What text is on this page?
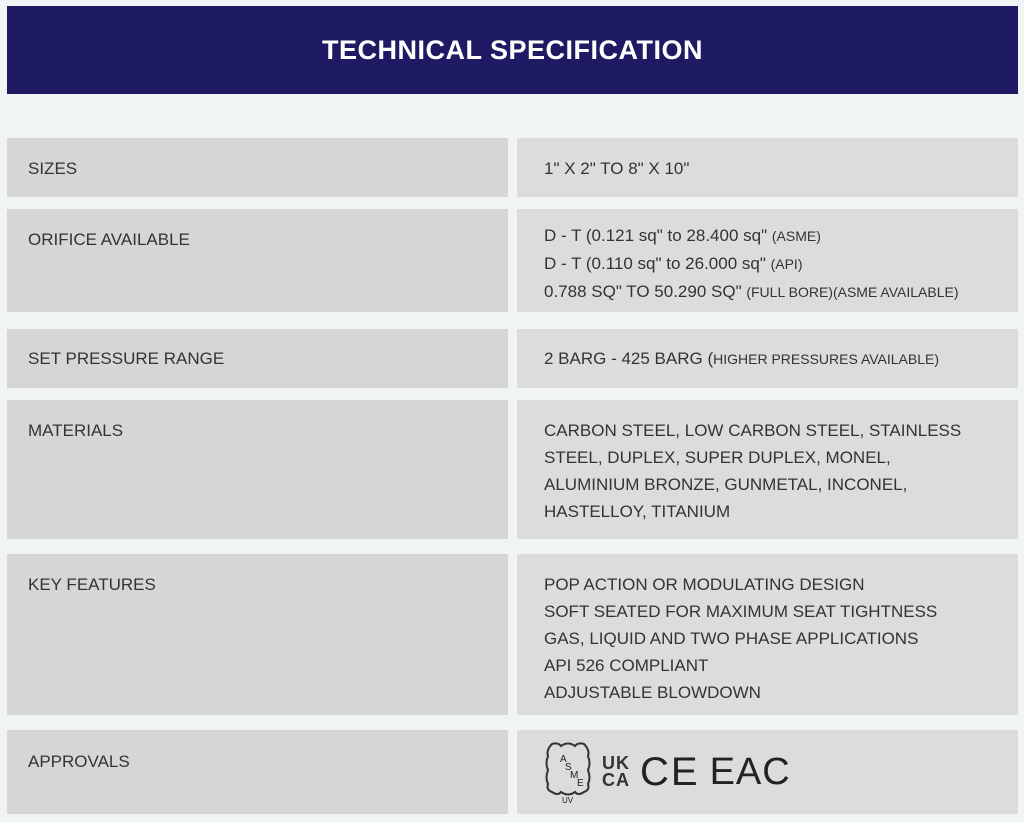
TECHNICAL SPECIFICATION
SIZES	1" X 2" TO 8" X 10"
ORIFICE AVAILABLE	D - T (0.121 sq" to 28.400 sq" (ASME)
D - T (0.110 sq" to 26.000 sq" (API)
0.788 SQ" TO 50.290 SQ" (FULL BORE)(ASME AVAILABLE)
SET PRESSURE RANGE	2 BARG - 425 BARG (HIGHER PRESSURES AVAILABLE)
MATERIALS	CARBON STEEL, LOW CARBON STEEL, STAINLESS
STEEL, DUPLEX, SUPER DUPLEX, MONEL,
ALUMINIUM BRONZE, GUNMETAL, INCONEL,
HASTELLOY, TITANIUM
KEY FEATURES	POP ACTION OR MODULATING DESIGN
SOFT SEATED FOR MAXIMUM SEAT TIGHTNESS
GAS, LIQUID AND TWO PHASE APPLICATIONS
API 526 COMPLIANT
ADJUSTABLE BLOWDOWN
APPROVALS	A
S
M
E
UV
UK
CA CE EAC
